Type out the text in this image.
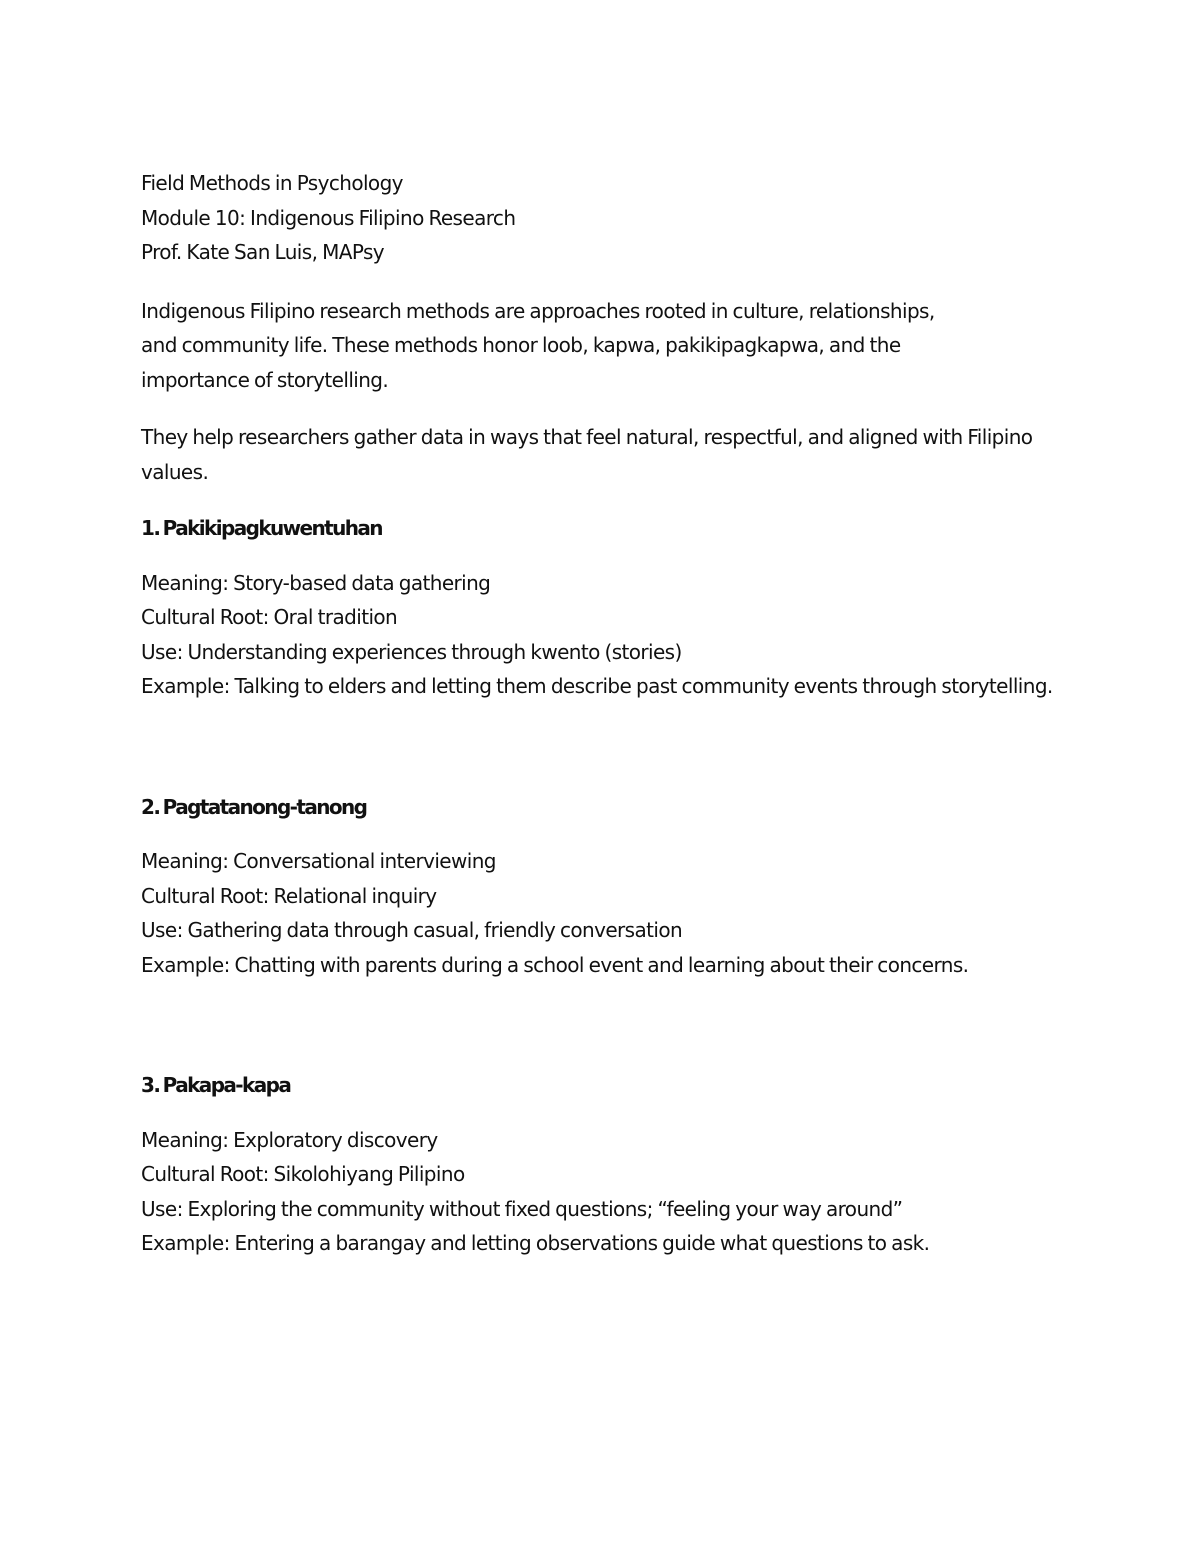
Field Methods in Psychology
Module 10: Indigenous Filipino Research
Prof. Kate San Luis, MAPsy
Indigenous Filipino research methods are approaches rooted in culture, relationships, and community life. These methods honor loob, kapwa, pakikipagkapwa, and the importance of storytelling.
They help researchers gather data in ways that feel natural, respectful, and aligned with Filipino values.
1. Pakikipagkuwentuhan
Meaning: Story-based data gathering
Cultural Root: Oral tradition
Use: Understanding experiences through kwento (stories)
Example: Talking to elders and letting them describe past community events through storytelling.
2. Pagtatanong-tanong
Meaning: Conversational interviewing
Cultural Root: Relational inquiry
Use: Gathering data through casual, friendly conversation
Example: Chatting with parents during a school event and learning about their concerns.
3. Pakapa-kapa
Meaning: Exploratory discovery
Cultural Root: Sikolohiyang Pilipino
Use: Exploring the community without fixed questions; “feeling your way around”
Example: Entering a barangay and letting observations guide what questions to ask.
